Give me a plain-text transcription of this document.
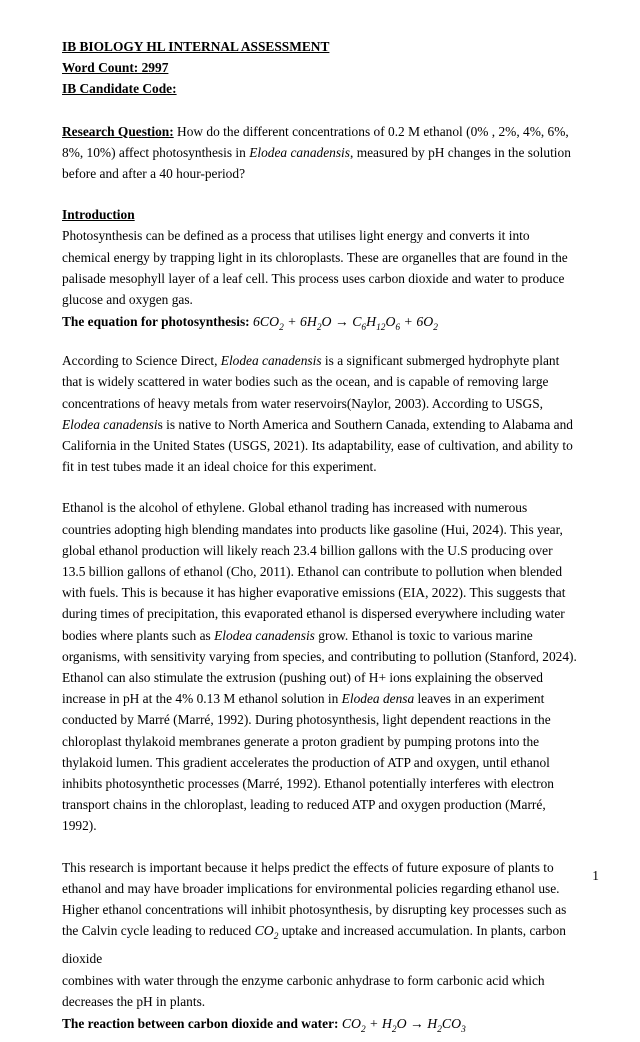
IB BIOLOGY HL INTERNAL ASSESSMENT
Word Count: 2997
IB Candidate Code:

Research Question: How do the different concentrations of 0.2 M ethanol (0% , 2%, 4%, 6%, 8%, 10%) affect photosynthesis in Elodea canadensis, measured by pH changes in the solution before and after a 40 hour-period?

Introduction

Photosynthesis can be defined as a process that utilises light energy and converts it into chemical energy by trapping light in its chloroplasts. These are organelles that are found in the palisade mesophyll layer of a leaf cell. This process uses carbon dioxide and water to produce glucose and oxygen gas.

The equation for photosynthesis: $6CO_2 + 6H_2O \to C_6H_{12}O_6 + 6O_2$

According to Science Direct, Elodea canadensis is a significant submerged hydrophyte plant that is widely scattered in water bodies such as the ocean, and is capable of removing large concentrations of heavy metals from water reservoirs(Naylor, 2003). According to USGS, Elodea canadensis is native to North America and Southern Canada, extending to Alabama and California in the United States (USGS, 2021). Its adaptability, ease of cultivation, and ability to fit in test tubes made it an ideal choice for this experiment.

Ethanol is the alcohol of ethylene. Global ethanol trading has increased with numerous countries adopting high blending mandates into products like gasoline (Hui, 2024). This year, global ethanol production will likely reach 23.4 billion gallons with the U.S producing over 13.5 billion gallons of ethanol (Cho, 2011). Ethanol can contribute to pollution when blended with fuels. This is because it has higher evaporative emissions (EIA, 2022). This suggests that during times of precipitation, this evaporated ethanol is dispersed everywhere including water bodies where plants such as Elodea canadensis grow. Ethanol is toxic to various marine organisms, with sensitivity varying from species, and contributing to pollution (Stanford, 2024). Ethanol can also stimulate the extrusion (pushing out) of H+ ions explaining the observed increase in pH at the 4% 0.13 M ethanol solution in Elodea densa leaves in an experiment conducted by Marré (Marré, 1992). During photosynthesis, light dependent reactions in the chloroplast thylakoid membranes generate a proton gradient by pumping protons into the thylakoid lumen. This gradient accelerates the production of ATP and oxygen, until ethanol inhibits photosynthetic processes (Marré, 1992). Ethanol potentially interferes with electron transport chains in the chloroplast, leading to reduced ATP and oxygen production (Marré, 1992).

This research is important because it helps predict the effects of future exposure of plants to ethanol and may have broader implications for environmental policies regarding ethanol use. Higher ethanol concentrations will inhibit photosynthesis, by disrupting key processes such as the Calvin cycle leading to reduced $CO_2$ uptake and increased accumulation. In plants, carbon dioxide

combines with water through the enzyme carbonic anhydrase to form carbonic acid which decreases the pH in plants.

The reaction between carbon dioxide and water: $CO_2 + H_2O \to H_2CO_3$

1
